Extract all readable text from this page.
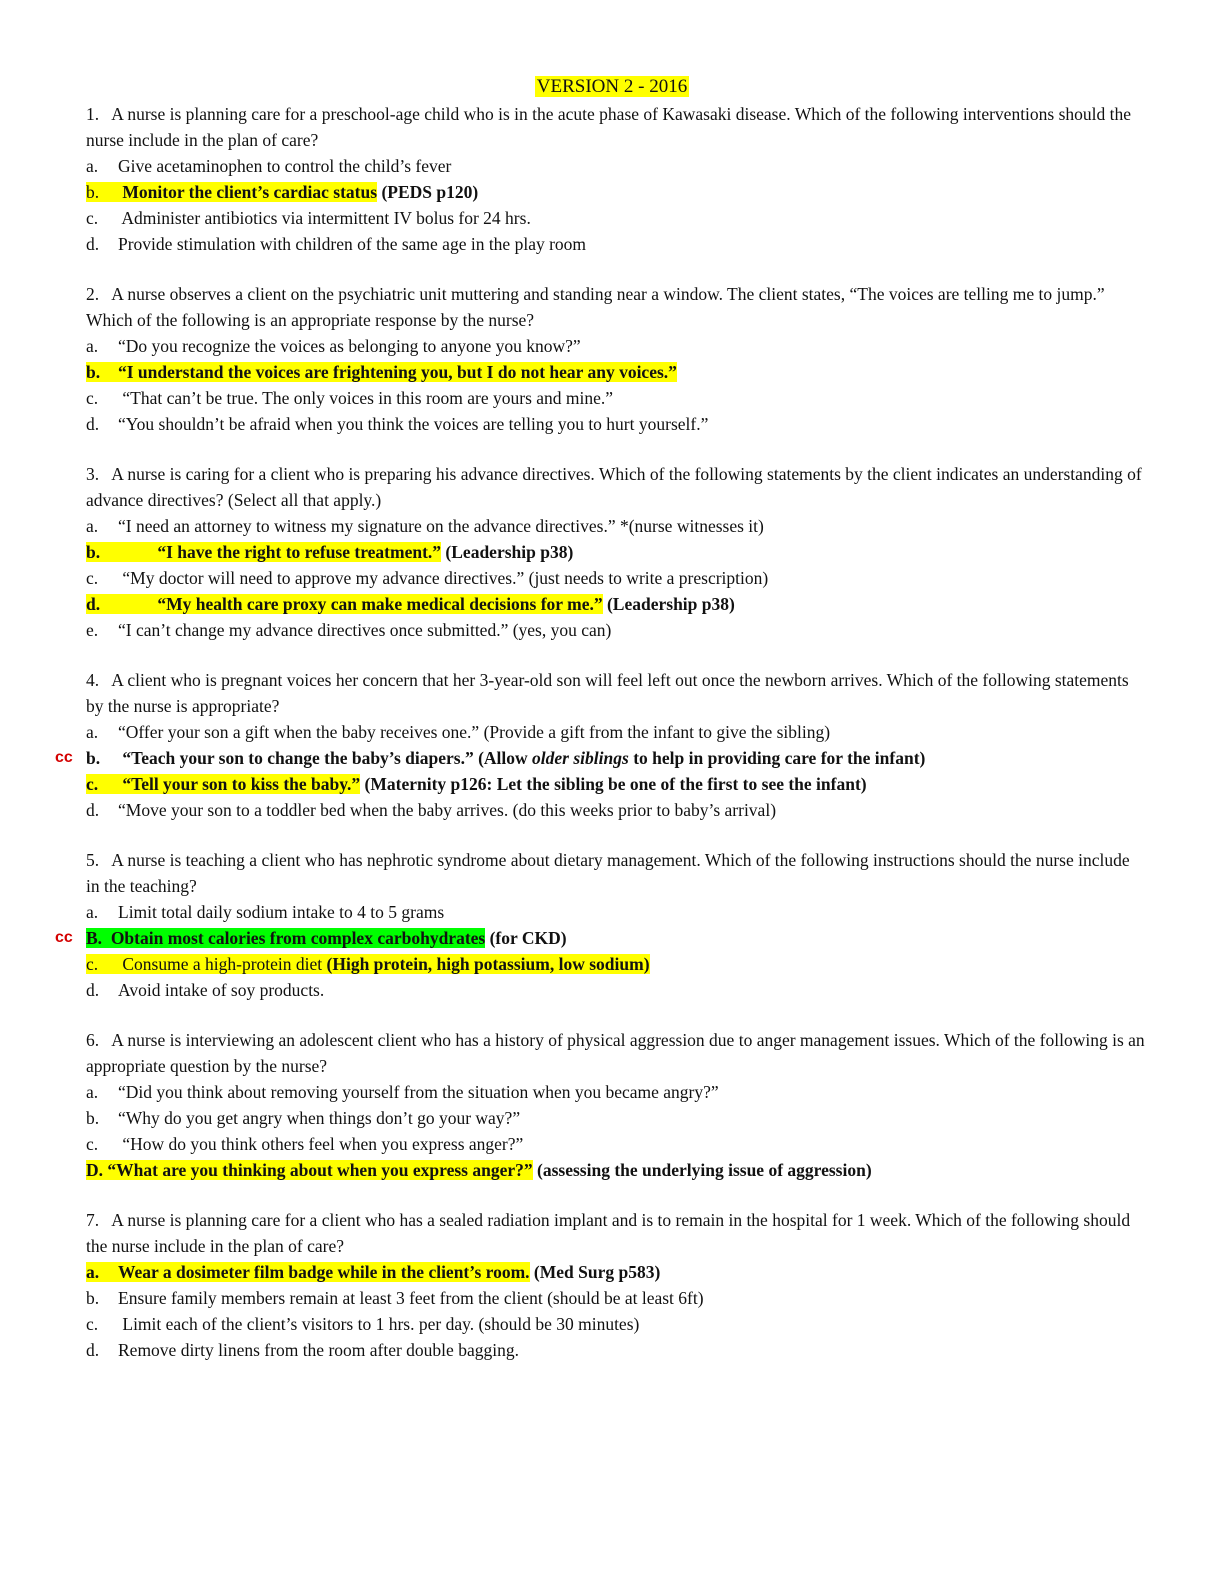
VERSION 2 - 2016
1.   A nurse is planning care for a preschool-age child who is in the acute phase of Kawasaki disease. Which of the following interventions should the nurse include in the plan of care?
a. Give acetaminophen to control the child’s fever
b. Monitor the client’s cardiac status (PEDS p120)
c. Administer antibiotics via intermittent IV bolus for 24 hrs.
d. Provide stimulation with children of the same age in the play room
2.   A nurse observes a client on the psychiatric unit muttering and standing near a window. The client states, “The voices are telling me to jump.” Which of the following is an appropriate response by the nurse?
a. “Do you recognize the voices as belonging to anyone you know?”
b. “I understand the voices are frightening you, but I do not hear any voices.”
c. “That can’t be true. The only voices in this room are yours and mine.”
d. “You shouldn’t be afraid when you think the voices are telling you to hurt yourself.”
3.   A nurse is caring for a client who is preparing his advance directives. Which of the following statements by the client indicates an understanding of advance directives? (Select all that apply.)
a. “I need an attorney to witness my signature on the advance directives.” *(nurse witnesses it)
b.         “I have the right to refuse treatment.” (Leadership p38)
c. “My doctor will need to approve my advance directives.” (just needs to write a prescription)
d.         “My health care proxy can make medical decisions for me.” (Leadership p38)
e. “I can’t change my advance directives once submitted.” (yes, you can)
4.   A client who is pregnant voices her concern that her 3-year-old son will feel left out once the newborn arrives. Which of the following statements by the nurse is appropriate?
a. “Offer your son a gift when the baby receives one.” (Provide a gift from the infant to give the sibling)
cc b. “Teach your son to change the baby’s diapers.” (Allow older siblings to help in providing care for the infant)
c. “Tell your son to kiss the baby.” (Maternity p126: Let the sibling be one of the first to see the infant)
d. “Move your son to a toddler bed when the baby arrives. (do this weeks prior to baby’s arrival)
5.   A nurse is teaching a client who has nephrotic syndrome about dietary management. Which of the following instructions should the nurse include in the teaching?
a. Limit total daily sodium intake to 4 to 5 grams
cc B. Obtain most calories from complex carbohydrates (for CKD)
c. Consume a high-protein diet (High protein, high potassium, low sodium)
d. Avoid intake of soy products.
6.   A nurse is interviewing an adolescent client who has a history of physical aggression due to anger management issues. Which of the following is an appropriate question by the nurse?
a. “Did you think about removing yourself from the situation when you became angry?”
b. “Why do you get angry when things don’t go your way?”
c. “How do you think others feel when you express anger?”
D. “What are you thinking about when you express anger?” (assessing the underlying issue of aggression)
7.   A nurse is planning care for a client who has a sealed radiation implant and is to remain in the hospital for 1 week. Which of the following should the nurse include in the plan of care?
a. Wear a dosimeter film badge while in the client’s room. (Med Surg p583)
b. Ensure family members remain at least 3 feet from the client (should be at least 6ft)
c. Limit each of the client’s visitors to 1 hrs. per day. (should be 30 minutes)
d. Remove dirty linens from the room after double bagging.
